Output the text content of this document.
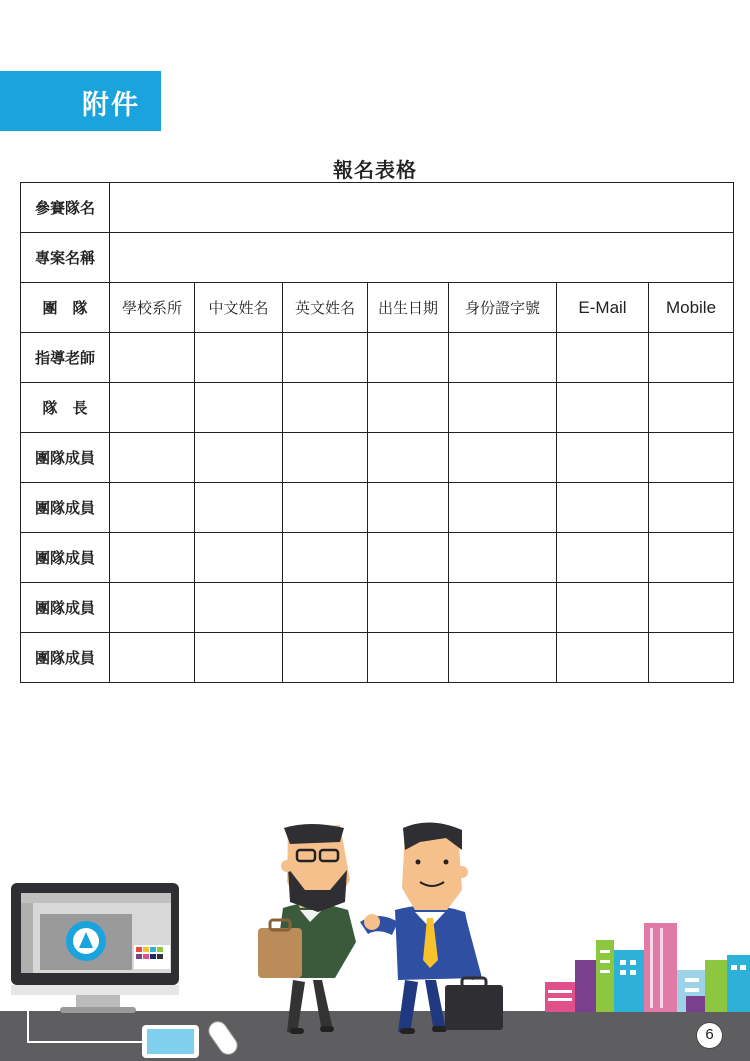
附件
報名表格
參賽隊名							
專案名稱							
團　隊	學校系所	中文姓名	英文姓名	出生日期	身份證字號	E-Mail	Mobile
指導老師							
隊　長							
團隊成員							
團隊成員							
團隊成員							
團隊成員							
團隊成員							
6
